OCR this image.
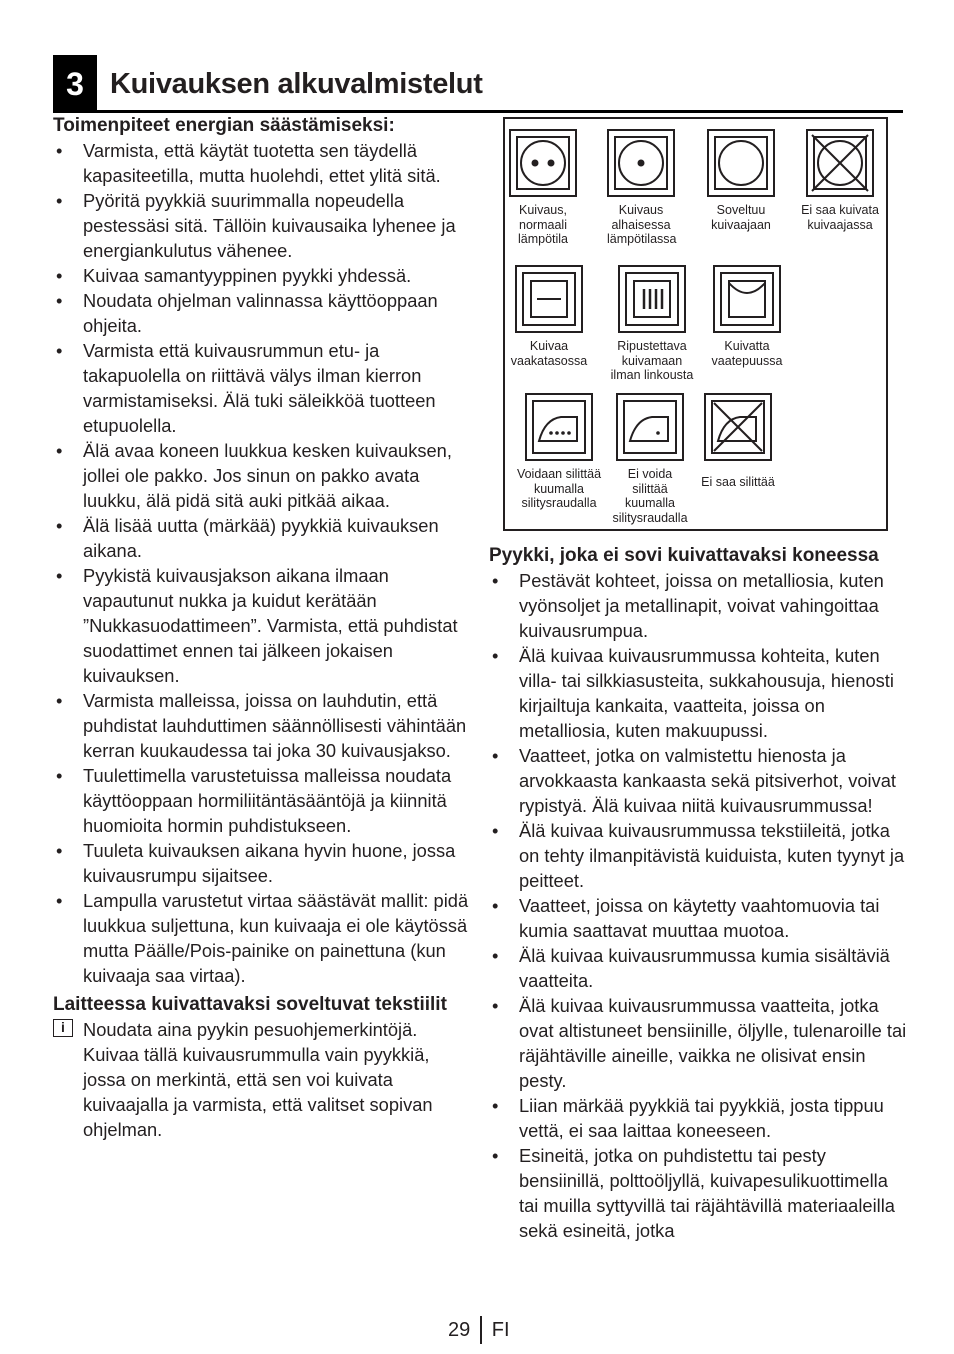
3 Kuivauksen alkuvalmistelut
Toimenpiteet energian säästämiseksi:
• Varmista, että käytät tuotetta sen täydellä kapasiteetilla, mutta huolehdi, ettet ylitä sitä.
• Pyöritä pyykkiä suurimmalla nopeudella pestessäsi sitä. Tällöin kuivausaika lyhenee ja energiankulutus vähenee.
• Kuivaa samantyyppinen pyykki yhdessä.
• Noudata ohjelman valinnassa käyttöoppaan ohjeita.
• Varmista että kuivausrummun etu- ja takapuolella on riittävä välys ilman kierron varmistamiseksi. Älä tuki säleikköä tuotteen etupuolella.
• Älä avaa koneen luukkua kesken kuivauksen, jollei ole pakko. Jos sinun on pakko avata luukku, älä pidä sitä auki pitkää aikaa.
• Älä lisää uutta (märkää) pyykkiä kuivauksen aikana.
• Pyykistä kuivausjakson aikana ilmaan vapautunut nukka ja kuidut kerätään ”Nukkasuodattimeen”. Varmista, että puhdistat suodattimet ennen tai jälkeen jokaisen kuivauksen.
• Varmista malleissa, joissa on lauhdutin, että puhdistat lauhduttimen säännöllisesti vähintään kerran kuukaudessa tai joka 30 kuivausjakso.
• Tuulettimella varustetuissa malleissa noudata käyttöoppaan hormiliitäntäsääntöjä ja kiinnitä huomioita hormin puhdistukseen.
• Tuuleta kuivauksen aikana hyvin huone, jossa kuivausrumpu sijaitsee.
• Lampulla varustetut virtaa säästävät mallit: pidä luukkua suljettuna, kun kuivaaja ei ole käytössä mutta Päälle/Pois-painike on painettuna (kun kuivaaja saa virtaa).
Laitteessa kuivattavaksi soveltuvat tekstiilit
i Noudata aina pyykin pesuohjemerkintöjä. Kuivaa tällä kuivausrummulla vain pyykkiä, jossa on merkintä, että sen voi kuivata kuivaajalla ja varmista, että valitset sopivan ohjelman.
Kuivaus,
normaali
lämpötila
Kuivaus
alhaisessa
lämpötilassa
Soveltuu
kuivaajaan
Ei saa kuivata
kuivaajassa
Kuivaa
vaakatasossa
Ripustettava
kuivamaan
ilman linkousta
Kuivatta
vaatepuussa
Voidaan silittää
kuumalla
silitysraudalla
Ei voida
silittää
kuumalla
silitysraudalla
Ei saa silittää
Pyykki, joka ei sovi kuivattavaksi koneessa
• Pestävät kohteet, joissa on metalliosia, kuten vyönsoljet ja metallinapit, voivat vahingoittaa kuivausrumpua.
• Älä kuivaa kuivausrummussa kohteita, kuten villa- tai silkkiasusteita, sukkahousuja, hienosti kirjailtuja kankaita, vaatteita, joissa on metalliosia, kuten makuupussi.
• Vaatteet, jotka on valmistettu hienosta ja arvokkaasta kankaasta sekä pitsiverhot, voivat rypistyä. Älä kuivaa niitä kuivausrummussa!
• Älä kuivaa kuivausrummussa tekstiileitä, jotka on tehty ilmanpitävistä kuiduista, kuten tyynyt ja peitteet.
• Vaatteet, joissa on käytetty vaahtomuovia tai kumia saattavat muuttaa muotoa.
• Älä kuivaa kuivausrummussa kumia sisältäviä vaatteita.
• Älä kuivaa kuivausrummussa vaatteita, jotka ovat altistuneet bensiinille, öljylle, tulenaroille tai räjähtäville aineille, vaikka ne olisivat ensin pesty.
• Liian märkää pyykkiä tai pyykkiä, josta tippuu vettä, ei saa laittaa koneeseen.
• Esineitä, jotka on puhdistettu tai pesty bensiinillä, polttoöljyllä, kuivapesulikuottimella tai muilla syttyvillä tai räjähtävillä materiaaleilla sekä esineitä, jotka
29 FI
